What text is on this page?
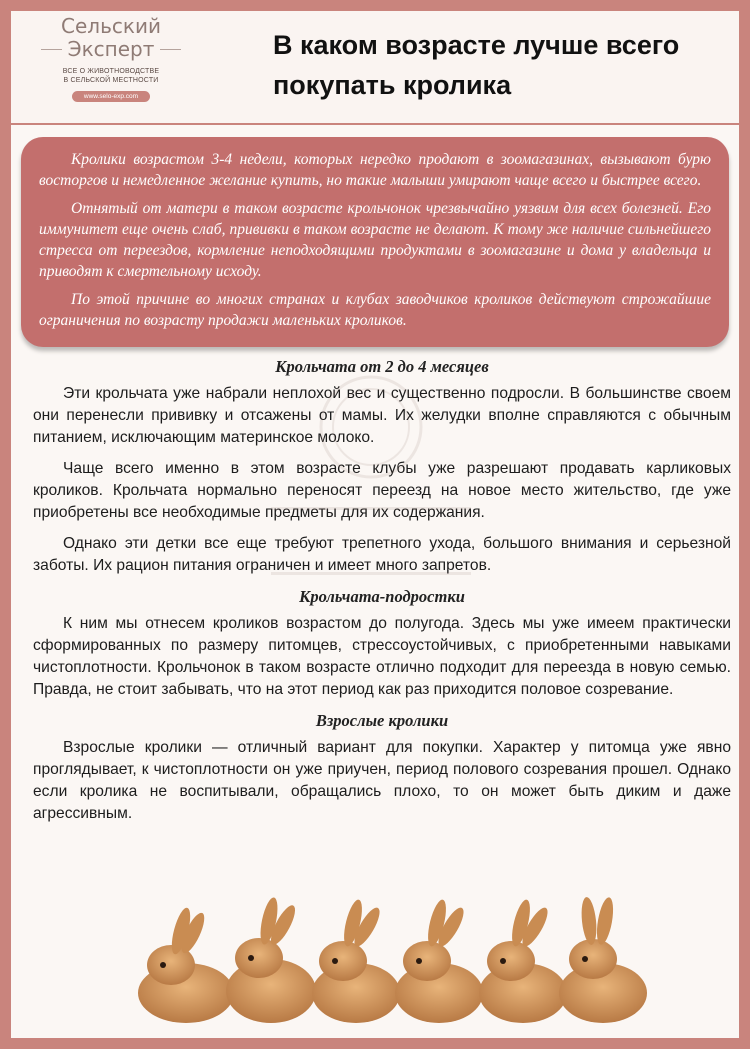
Сельский
Эксперт
ВСЕ О ЖИВОТНОВОДСТВЕ
В СЕЛЬСКОЙ МЕСТНОСТИ
www.selo-exp.com
В каком возрасте лучше всего
покупать кролика

Кролики возрастом 3-4 недели, которых нередко продают в зоомагазинах, вызывают бурю восторгов и немедленное желание купить, но такие малыши умирают чаще всего и быстрее всего.

Отнятый от матери в таком возрасте крольчонок чрезвычайно уязвим для всех болезней. Его иммунитет еще очень слаб, прививки в таком возрасте не делают. К тому же наличие сильнейшего стресса от переездов, кормление неподходящими продуктами в зоомагазине и дома у владельца и приводят к смертельному исходу.

По этой причине во многих странах и клубах заводчиков кроликов действуют строжайшие ограничения по возрасту продажи маленьких кроликов.

Крольчата от 2 до 4 месяцев

Эти крольчата уже набрали неплохой вес и существенно подросли. В большинстве своем они перенесли прививку и отсажены от мамы. Их желудки вполне справляются с обычным питанием, исключающим материнское молоко.

Чаще всего именно в этом возрасте клубы уже разрешают продавать карликовых кроликов. Крольчата нормально переносят переезд на новое место жительство, где уже приобретены все необходимые предметы для их содержания.

Однако эти детки все еще требуют трепетного ухода, большого внимания и серьезной заботы. Их рацион питания ограничен и имеет много запретов.

Крольчата-подростки

К ним мы отнесем кроликов возрастом до полугода. Здесь мы уже имеем практически сформированных по размеру питомцев, стрессоустойчивых, с приобретенными навыками чистоплотности. Крольчонок в таком возрасте отлично подходит для переезда в новую семью. Правда, не стоит забывать, что на этот период как раз приходится половое созревание.

Взрослые кролики

Взрослые кролики — отличный вариант для покупки. Характер у питомца уже явно проглядывает, к чистоплотности он уже приучен, период полового созревания прошел. Однако если кролика не воспитывали, обращались плохо, то он может быть диким и даже агрессивным.
